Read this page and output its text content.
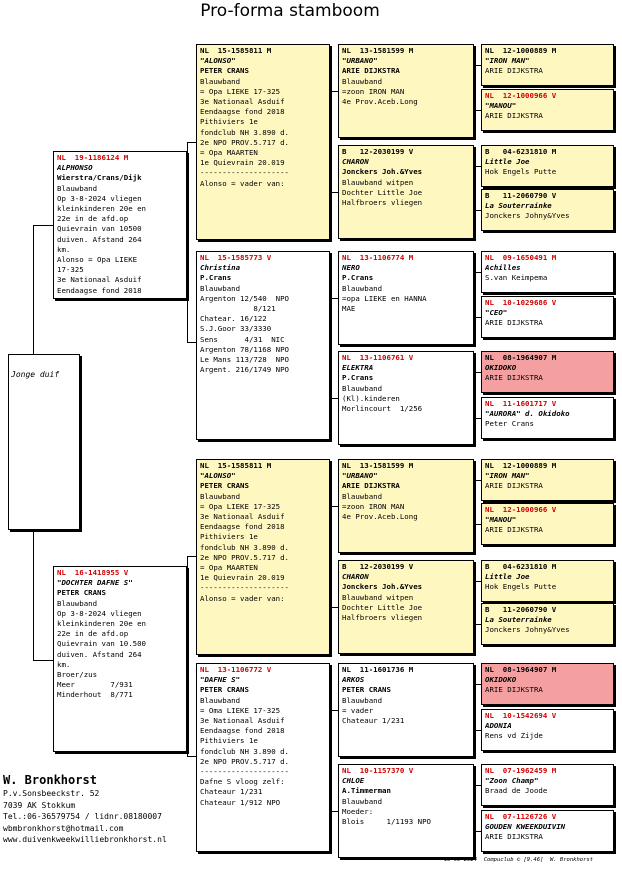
Pro-forma stamboom
Jonge duif
NL  19-1186124 M
ALPHONSO
Wierstra/Crans/Dijk
Blauwband
Op 3-8-2024 vliegen
kleinkinderen 20e en
22e in de afd.op
Quievrain van 10500
duiven. Afstand 264
km.
Alonso = Opa LIEKE
17-325
3e Nationaal Asduif
Eendaagse fond 2018
NL  16-1418955 V
"DOCHTER DAFNE S"
PETER CRANS
Blauwband
Op 3-8-2024 vliegen
kleinkinderen 20e en
22e in de afd.op
Quievrain van 10.500
duiven. Afstand 264
km.
Broer/zus
Meer        7/931
Minderhout  8/771
NL  15-1585811 M
"ALONSO"
PETER CRANS
Blauwband
= Opa LIEKE 17-325
3e Nationaal Asduif
Eendaagse fond 2018
Pithiviers 1e
fondclub NH 3.890 d.
2e NPO PROV.5.717 d.
= Opa MAARTEN
1e Quievrain 20.019
--------------------
Alonso = vader van:
NL  15-1585773 V
Christina
P.Crans
Blauwband
Argenton 12/540  NPO
8/121
Chatear. 16/122
S.J.Goor 33/3330
Sens      4/31  NIC
Argenton 78/1168 NPO
Le Mans 113/728  NPO
Argent. 216/1749 NPO
NL  15-1585811 M
"ALONSO"
PETER CRANS
Blauwband
= Opa LIEKE 17-325
3e Nationaal Asduif
Eendaagse fond 2018
Pithiviers 1e
fondclub NH 3.890 d.
2e NPO PROV.5.717 d.
= Opa MAARTEN
1e Quievrain 20.019
--------------------
Alonso = vader van:
NL  13-1106772 V
"DAFNE S"
PETER CRANS
Blauwband
= Oma LIEKE 17-325
3e Nationaal Asduif
Eendaagse fond 2018
Pithiviers 1e
fondclub NH 3.890 d.
2e NPO PROV.5.717 d.
--------------------
Dafne S vloog zelf:
Chateaur 1/231
Chateaur 1/912 NPO
NL  13-1581599 M
"URBANO"
ARIE DIJKSTRA
Blauwband
=zoon IRON MAN
4e Prov.Aceb.Long
B   12-2030199 V
CHARON
Jonckers Joh.&Yves
Blauwband witpen
Dochter Little Joe
Halfbroers vliegen
NL  13-1106774 M
NERO
P.Crans
Blauwband
=opa LIEKE en HANNA
MAE
NL  13-1106761 V
ELEKTRA
P.Crans
Blauwband
(Kl).kinderen
Morlincourt  1/256
NL  13-1581599 M
"URBANO"
ARIE DIJKSTRA
Blauwband
=zoon IRON MAN
4e Prov.Aceb.Long
B   12-2030199 V
CHARON
Jonckers Joh.&Yves
Blauwband witpen
Dochter Little Joe
Halfbroers vliegen
NL  11-1601736 M
ARKOS
PETER CRANS
Blauwband
= vader
Chateaur 1/231
NL  10-1157370 V
CHLOE
A.Timmerman
Blauwband
Moeder:
Blois     1/1193 NPO
NL  12-1000889 M
"IRON MAN"
ARIE DIJKSTRA
NL  12-1000966 V
"MANOU"
ARIE DIJKSTRA
B   04-6231810 M
Little Joe
Hok Engels Putte
B   11-2060790 V
La Souterrainke
Jonckers Johny&Yves
NL  09-1650491 M
Achilles
S.van Keimpema
NL  10-1029686 V
"CEO"
ARIE DIJKSTRA
NL  08-1964907 M
OKIDOKO
ARIE DIJKSTRA
NL  11-1601717 V
"AURORA" d. Okidoko
Peter Crans
NL  12-1000889 M
"IRON MAN"
ARIE DIJKSTRA
NL  12-1000966 V
"MANOU"
ARIE DIJKSTRA
B   04-6231810 M
Little Joe
Hok Engels Putte
B   11-2060790 V
La Souterrainke
Jonckers Johny&Yves
NL  08-1964907 M
OKIDOKO
ARIE DIJKSTRA
NL  10-1542694 V
ADONIA
Rens vd Zijde
NL  07-1962459 M
"Zoon Champ"
Braad de Joode
NL  07-1126726 V
GOUDEN KWEEKDUIVIN
ARIE DIJKSTRA
W. Bronkhorst
P.v.Sonsbeeckstr. 52
7039 AK Stokkum
Tel.:06-36579754 / lidnr.08180007
wbmbronkhorst@hotmail.com
www.duivenkweekwilliebronkhorst.nl
15-09-2024  Compuclub © [9.46]  W. Bronkhorst
